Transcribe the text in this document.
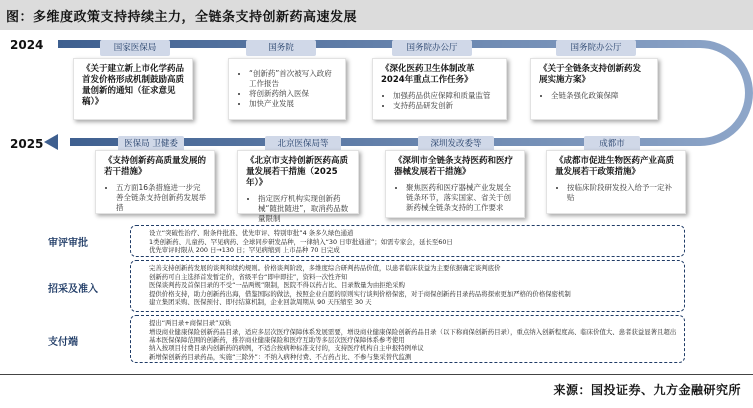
图：多维度政策支持持续主力，全链条支持创新药高速发展
2024
2025
国家医保局	国务院	国务院办公厅	国务院办公厅
《关于建立新上市化学药品首发价格形成机制鼓励高质量创新的通知（征求意见稿）》
• “创新药”首次被写入政府工作报告
• 将创新药纳入医保
• 加快产业发展
《深化医药卫生体制改革2024年重点工作任务》
• 加强药品供应保障和质量监管
• 支持药品研发创新
《关于全链条支持创新药发展实施方案》
• 全链条强化政策保障
医保局 卫健委	北京医保局等	深圳发改委等	成都市
《支持创新药高质量发展的若干措施》
• 五方面16条措施进一步完善全链条支持创新药发展举措
《北京市支持创新医药高质量发展若干措施（2025年）》
• 指定医疗机构实现创新药械“随批随进”，取消药品数量限制
《深圳市全链条支持医药和医疗器械发展若干措施》
• 聚焦医药和医疗器械产业发展全链条环节，落实国家、省关于创新药械全链条支持的工作要求
《成都市促进生物医药产业高质量发展若干政策措施》
• 按临床阶段研发投入给予一定补贴
审评审批
• 设立“突破性治疗、附条件批准、优先审评、特别审批”4 条多久绿色通道
• 1类创新药、儿童药、罕见病药、全球同步研发品种，一律纳入“30 日审批通道”；如需专家会，延长至60日
• 优先审评时限从 200 日→130 日；罕见病缩到 上市品种 70 日完成
招采及准入
• 完善支持创新药发展的谈判和续约规则。价格谈判阶段，多维度综合研判药品价值，以患者临床获益为主要依据确定谈判底价
• 创新药可自主选择首发暂定价，省级平台“即申即挂”，资料一次性齐知
• 医保谈判药及首保目录的不受“一品两规”限制，医院不得以药占比、目录数量为由拒绝采购
• 提供价格支持，助力创新药出海，借鉴国际的做法，按照企业自愿的原则实行谈判价格保密，对于商保创新药目录药品将探索更加严格的价格保密机制
• 建立集团采购、医保预付、即付结算机制，企业回款周期从 90 天压缩至 30 天
支付端
• 提出“两目录+商保目录”双轨
• 增设商业健康保险创新药品目录，适应多层次医疗保障体系发展需要，增设商业健康保险创新药品目录（以下称商保创新药目录），重点纳入创新程度高、临床价值大、患者获益显著且超出基本医保保障范围的创新药，推荐商业健康保险和医疗互助等多层次医疗保障体系参考使用
• 纳入按项目付费目录内创新药的病例，不适合按病种标准支付的，支持医疗机构自主申报特例单议
• 新增保创新药目录药品，实施“三除外”：不纳入病种付费、不占药占比、不参与集采替代监测
来源：国投证券、九方金融研究所
